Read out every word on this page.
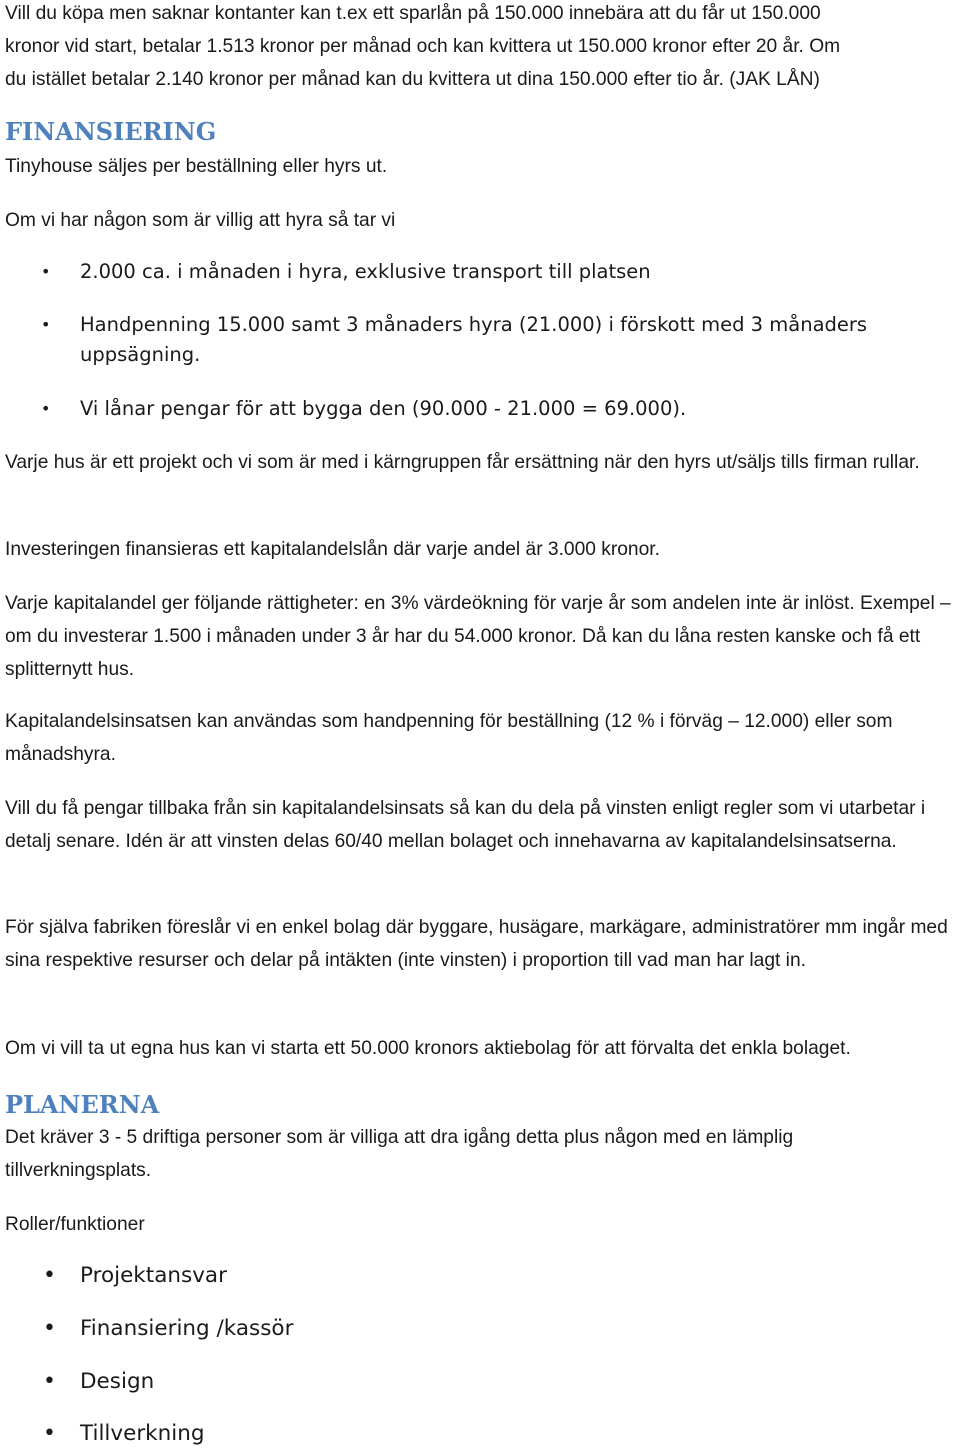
Vill du köpa men saknar kontanter kan t.ex ett sparlån på 150.000 innebära att du får ut 150.000

kronor vid start, betalar 1.513 kronor per månad och kan kvittera ut 150.000 kronor efter 20 år. Om

du istället betalar 2.140 kronor per månad kan du kvittera ut dina 150.000 efter tio år. (JAK LÅN)

FINANSIERING

Tinyhouse säljes per beställning eller hyrs ut.

Om vi har någon som är villig att hyra så tar vi

• 2.000 ca. i månaden i hyra, exklusive transport till platsen
• Handpenning 15.000 samt 3 månaders hyra (21.000) i förskott med 3 månaders uppsägning.
• Vi lånar pengar för att bygga den (90.000 - 21.000 = 69.000).

Varje hus är ett projekt och vi som är med i kärngruppen får ersättning när den hyrs ut/säljs tills firman rullar.

Investeringen finansieras ett kapitalandelslån där varje andel är 3.000 kronor.

Varje kapitalandel ger följande rättigheter: en 3% värdeökning för varje år som andelen inte är inlöst. Exempel – om du investerar 1.500 i månaden under 3 år har du 54.000 kronor. Då kan du låna resten kanske och få ett splitternytt hus.

Kapitalandelsinsatsen kan användas som handpenning för beställning (12 % i förväg – 12.000) eller som månadshyra.

Vill du få pengar tillbaka från sin kapitalandelsinsats så kan du dela på vinsten enligt regler som vi utarbetar i detalj senare. Idén är att vinsten delas 60/40 mellan bolaget och innehavarna av kapitalandelsinsatserna.

För själva fabriken föreslår vi en enkel bolag där byggare, husägare, markägare, administratörer mm ingår med sina respektive resurser och delar på intäkten (inte vinsten) i proportion till vad man har lagt in.

Om vi vill ta ut egna hus kan vi starta ett 50.000 kronors aktiebolag för att förvalta det enkla bolaget.

PLANERNA

Det kräver 3 - 5 driftiga personer som är villiga att dra igång detta plus någon med en lämplig tillverkningsplats.

Roller/funktioner

• Projektansvar
• Finansiering /kassör
• Design
• Tillverkning
